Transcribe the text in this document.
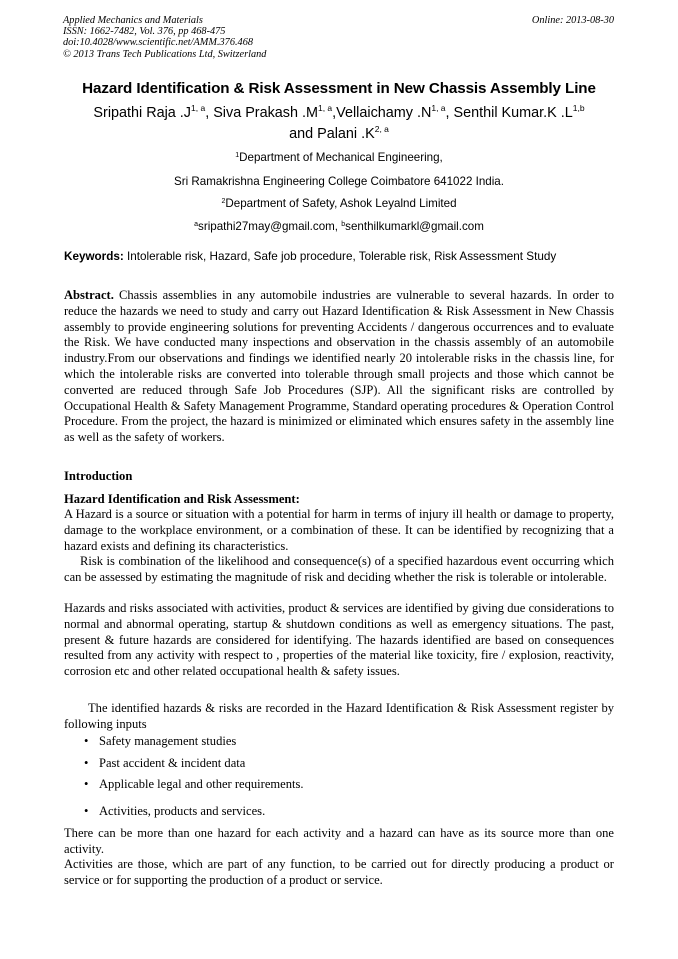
Applied Mechanics and Materials
ISSN: 1662-7482, Vol. 376, pp 468-475
doi:10.4028/www.scientific.net/AMM.376.468
© 2013 Trans Tech Publications Ltd, Switzerland
Online: 2013-08-30
Hazard Identification & Risk Assessment in New Chassis Assembly Line
Sripathi Raja $.J^{1, a}$, Siva Prakash $.M^{1, a},Vellaichamy$ $.N^{1, a}$, Senthil Kumar.K $.L^{1,b}$
and Palani $.K^{2, a}$
$^1$Department of Mechanical Engineering,
Sri Ramakrishna Engineering College Coimbatore 641022 India.
$^2$Department of Safety, Ashok Leyalnd Limited
$^a$sripathi27may@gmail.com, $^b$senthilkumarkl@gmail.com
Keywords: Intolerable risk, Hazard, Safe job procedure, Tolerable risk, Risk Assessment Study
Abstract. Chassis assemblies in any automobile industries are vulnerable to several hazards. In order to reduce the hazards we need to study and carry out Hazard Identification & Risk Assessment in New Chassis assembly to provide engineering solutions for preventing Accidents / dangerous occurrences and to evaluate the Risk. We have conducted many inspections and observation in the chassis assembly of an automobile industry.From our observations and findings we identified nearly 20 intolerable risks in the chassis line, for which the intolerable risks are converted into tolerable through small projects and those which cannot be converted are reduced through Safe Job Procedures (SJP). All the significant risks are controlled by Occupational Health & Safety Management Programme, Standard operating procedures & Operation Control Procedure. From the project, the hazard is minimized or eliminated which ensures safety in the assembly line as well as the safety of workers.
Introduction
Hazard Identification and Risk Assessment:
A Hazard is a source or situation with a potential for harm in terms of injury ill health or damage to property, damage to the workplace environment, or a combination of these. It can be identified by recognizing that a hazard exists and defining its characteristics.
Risk is combination of the likelihood and consequence(s) of a specified hazardous event occurring which can be assessed by estimating the magnitude of risk and deciding whether the risk is tolerable or intolerable.
Hazards and risks associated with activities, product & services are identified by giving due considerations to normal and abnormal operating, startup & shutdown conditions as well as emergency situations. The past, present & future hazards are considered for identifying. The hazards identified are based on consequences resulted from any activity with respect to , properties of the material like toxicity, fire / explosion, reactivity, corrosion etc and other related occupational health & safety issues.
The identified hazards & risks are recorded in the Hazard Identification & Risk Assessment register by following inputs
• Safety management studies
• Past accident & incident data
• Applicable legal and other requirements.
• Activities, products and services.
There can be more than one hazard for each activity and a hazard can have as its source more than one activity.
Activities are those, which are part of any function, to be carried out for directly producing a product or service or for supporting the production of a product or service.
